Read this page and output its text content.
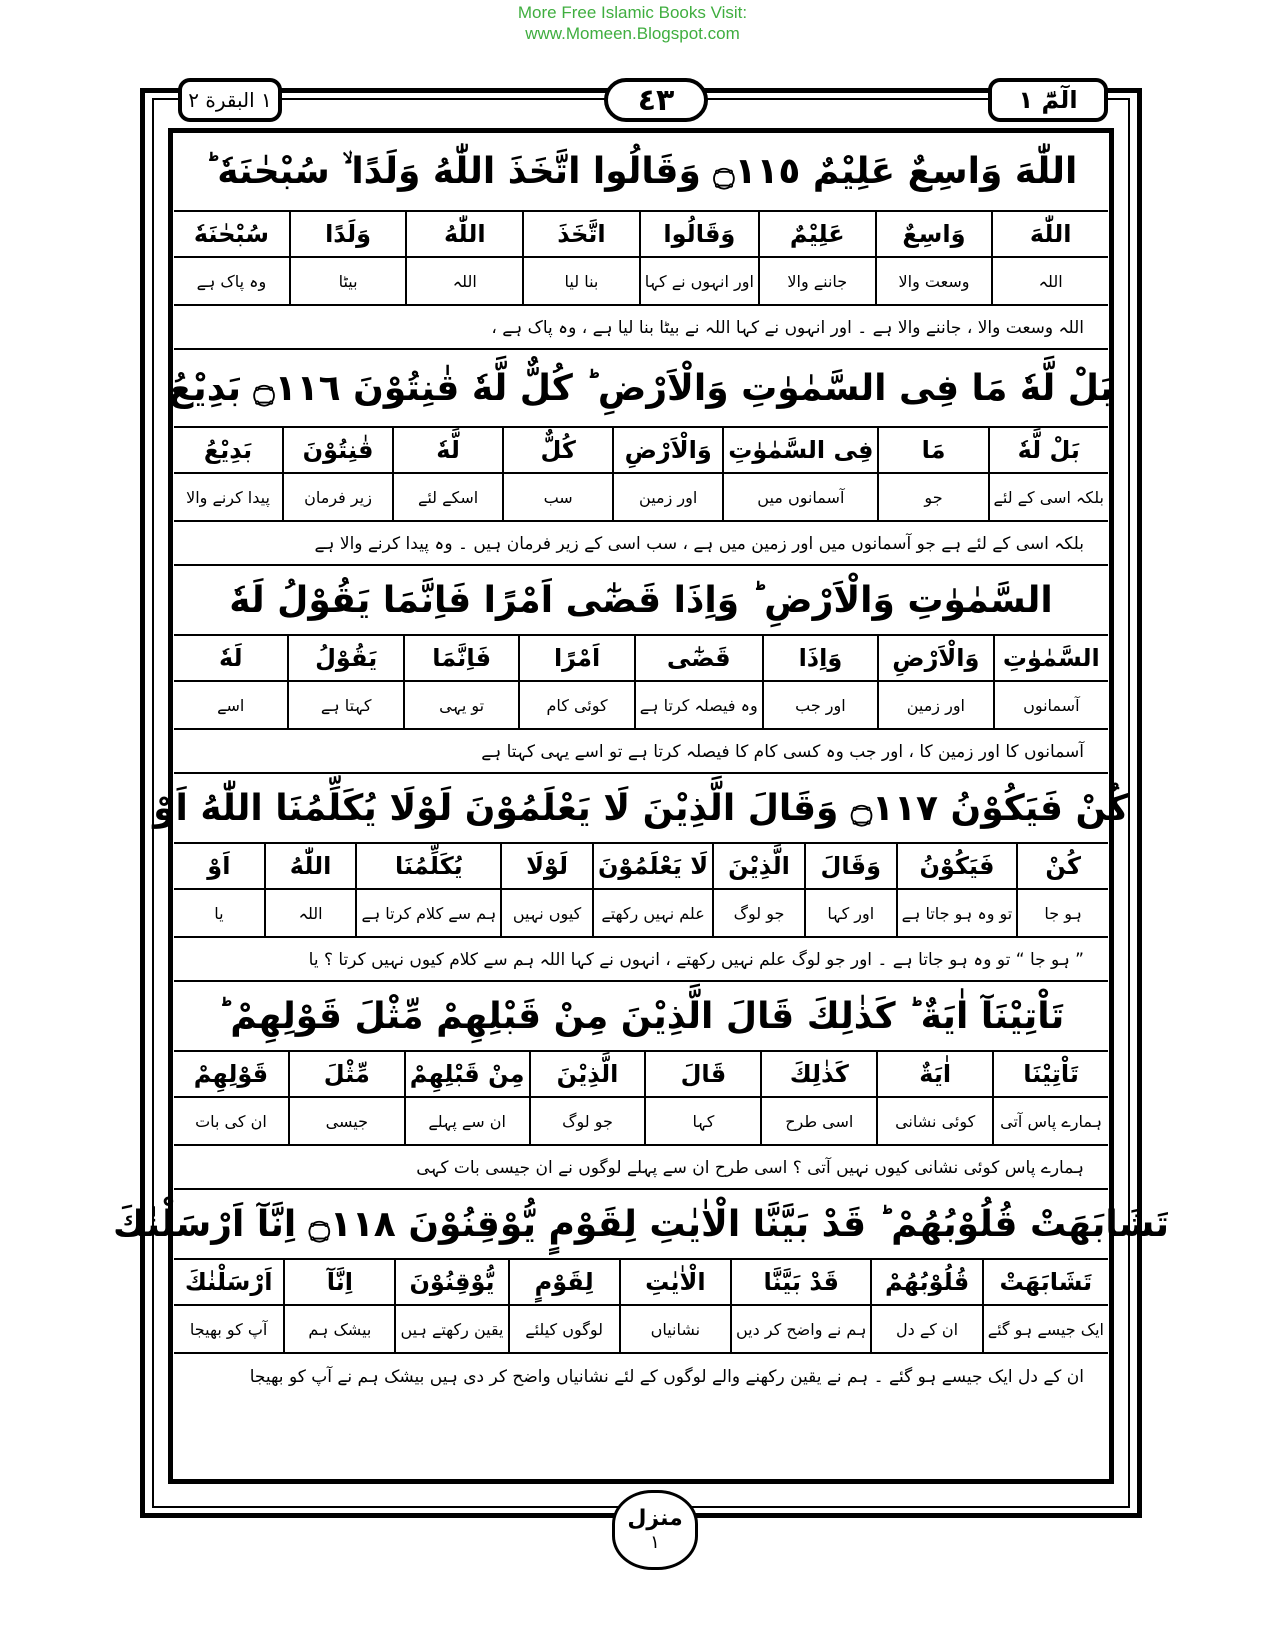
More Free Islamic Books Visit:
www.Momeen.Blogspot.com
١ البقرة ٢	٤٣	الٓمّٓ ١
اللّٰهَ وَاسِعٌ عَلِيْمٌ ۝١١٥ وَقَالُوا اتَّخَذَ اللّٰهُ وَلَدًا ۙ سُبْحٰنَهٗ ؕ
اللّٰهَ
اللہ
وَاسِعٌ
وسعت والا
عَلِيْمٌ
جاننے والا
وَقَالُوا
اور انہوں نے کہا
اتَّخَذَ
بنا لیا
اللّٰهُ
اللہ
وَلَدًا
بیٹا
سُبْحٰنَهٗ
وہ پاک ہے
اللہ وسعت والا ، جاننے والا ہے ۔ اور انہوں نے کہا اللہ نے بیٹا بنا لیا ہے ، وہ پاک ہے ،
بَلْ لَّهٗ مَا فِی السَّمٰوٰتِ وَالْاَرْضِ ؕ كُلٌّ لَّهٗ قٰنِتُوْنَ ۝١١٦ بَدِيْعُ
بَلْ لَّهٗ
بلکہ اسی کے لئے
مَا
جو
فِی السَّمٰوٰتِ
آسمانوں میں
وَالْاَرْضِ
اور زمین
كُلٌّ
سب
لَّهٗ
اسکے لئے
قٰنِتُوْنَ
زیر فرمان
بَدِيْعُ
پیدا کرنے والا
بلکہ اسی کے لئے ہے جو آسمانوں میں اور زمین میں ہے ، سب اسی کے زیر فرمان ہیں ۔ وہ پیدا کرنے والا ہے
السَّمٰوٰتِ وَالْاَرْضِ ؕ وَاِذَا قَضٰٓی اَمْرًا فَاِنَّمَا يَقُوْلُ لَهٗ
السَّمٰوٰتِ
آسمانوں
وَالْاَرْضِ
اور زمین
وَاِذَا
اور جب
قَضٰٓی
وہ فیصلہ کرتا ہے
اَمْرًا
کوئی کام
فَاِنَّمَا
تو یہی
يَقُوْلُ
کہتا ہے
لَهٗ
اسے
آسمانوں کا اور زمین کا ، اور جب وہ کسی کام کا فیصلہ کرتا ہے تو اسے یہی کہتا ہے
كُنْ فَيَكُوْنُ ۝١١٧ وَقَالَ الَّذِيْنَ لَا يَعْلَمُوْنَ لَوْلَا يُكَلِّمُنَا اللّٰهُ اَوْ
كُنْ
ہو جا
فَيَكُوْنُ
تو وہ ہو جاتا ہے
وَقَالَ
اور کہا
الَّذِيْنَ
جو لوگ
لَا يَعْلَمُوْنَ
علم نہیں رکھتے
لَوْلَا
کیوں نہیں
يُكَلِّمُنَا
ہم سے کلام کرتا ہے
اللّٰهُ
اللہ
اَوْ
یا
” ہو جا “ تو وہ ہو جاتا ہے ۔ اور جو لوگ علم نہیں رکھتے ، انہوں نے کہا اللہ ہم سے کلام کیوں نہیں کرتا ؟ یا
تَاْتِيْنَآ اٰيَةٌ ؕ كَذٰلِكَ قَالَ الَّذِيْنَ مِنْ قَبْلِهِمْ مِّثْلَ قَوْلِهِمْ ؕ
تَاْتِيْنَا
ہمارے پاس آتی
اٰيَةٌ
کوئی نشانی
كَذٰلِكَ
اسی طرح
قَالَ
کہا
الَّذِيْنَ
جو لوگ
مِنْ قَبْلِهِمْ
ان سے پہلے
مِّثْلَ
جیسی
قَوْلِهِمْ
ان کی بات
ہمارے پاس کوئی نشانی کیوں نہیں آتی ؟ اسی طرح ان سے پہلے لوگوں نے ان جیسی بات کہی
تَشَابَهَتْ قُلُوْبُهُمْ ؕ قَدْ بَيَّنَّا الْاٰيٰتِ لِقَوْمٍ يُّوْقِنُوْنَ ۝١١٨ اِنَّآ اَرْسَلْنٰكَ
تَشَابَهَتْ
ایک جیسے ہو گئے
قُلُوْبُهُمْ
ان کے دل
قَدْ بَيَّنَّا
ہم نے واضح کر دیں
الْاٰيٰتِ
نشانیاں
لِقَوْمٍ
لوگوں کیلئے
يُّوْقِنُوْنَ
یقین رکھتے ہیں
اِنَّآ
بیشک ہم
اَرْسَلْنٰكَ
آپ کو بھیجا
ان کے دل ایک جیسے ہو گئے ۔ ہم نے یقین رکھنے والے لوگوں کے لئے نشانیاں واضح کر دی ہیں بیشک ہم نے آپ کو بھیجا
منزل
١
